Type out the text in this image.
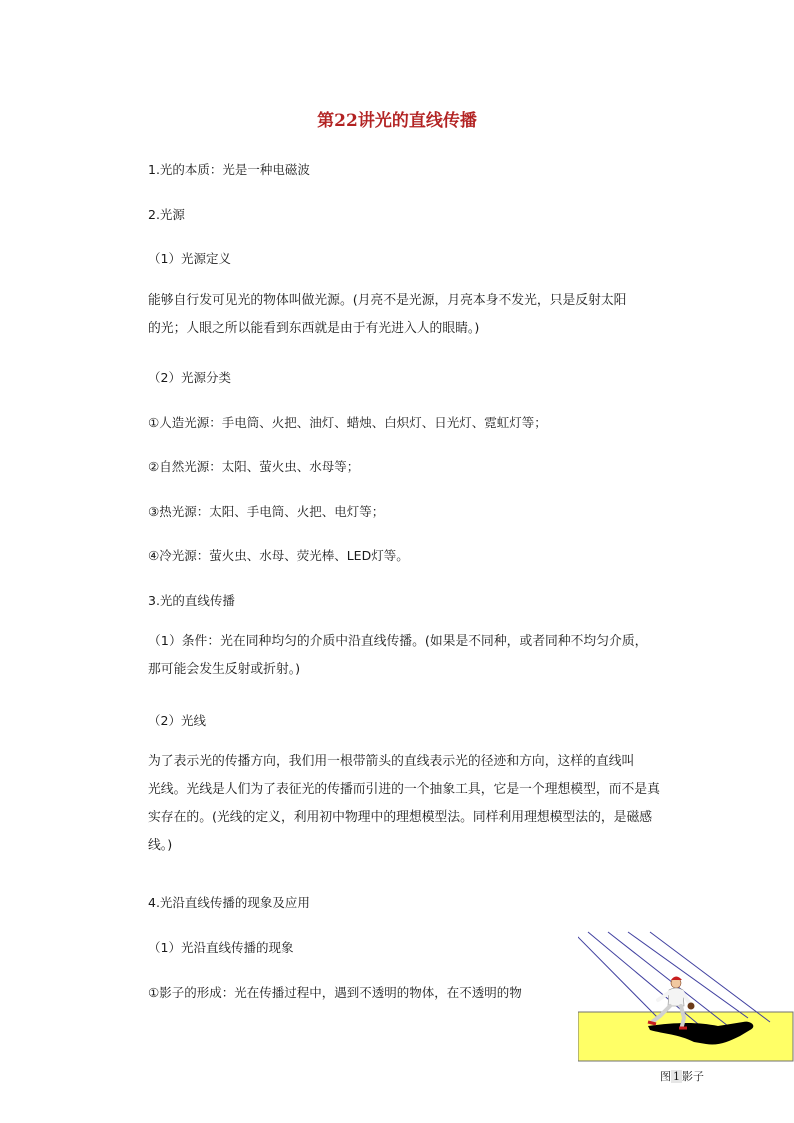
第22讲光的直线传播
1.光的本质：光是一种电磁波
2.光源
（1）光源定义
能够自行发可见光的物体叫做光源。(月亮不是光源，月亮本身不发光，只是反射太阳
的光；人眼之所以能看到东西就是由于有光进入人的眼睛。)
（2）光源分类
①人造光源：手电筒、火把、油灯、蜡烛、白炽灯、日光灯、霓虹灯等；
②自然光源：太阳、萤火虫、水母等；
③热光源：太阳、手电筒、火把、电灯等；
④冷光源：萤火虫、水母、荧光棒、LED灯等。
3.光的直线传播
（1）条件：光在同种均匀的介质中沿直线传播。(如果是不同种，或者同种不均匀介质，
那可能会发生反射或折射。)
（2）光线
为了表示光的传播方向，我们用一根带箭头的直线表示光的径迹和方向，这样的直线叫
光线。光线是人们为了表征光的传播而引进的一个抽象工具，它是一个理想模型，而不是真
实存在的。(光线的定义，利用初中物理中的理想模型法。同样利用理想模型法的，是磁感
线。)
4.光沿直线传播的现象及应用
（1）光沿直线传播的现象
①影子的形成：光在传播过程中，遇到不透明的物体，在不透明的物
图 1 影子
